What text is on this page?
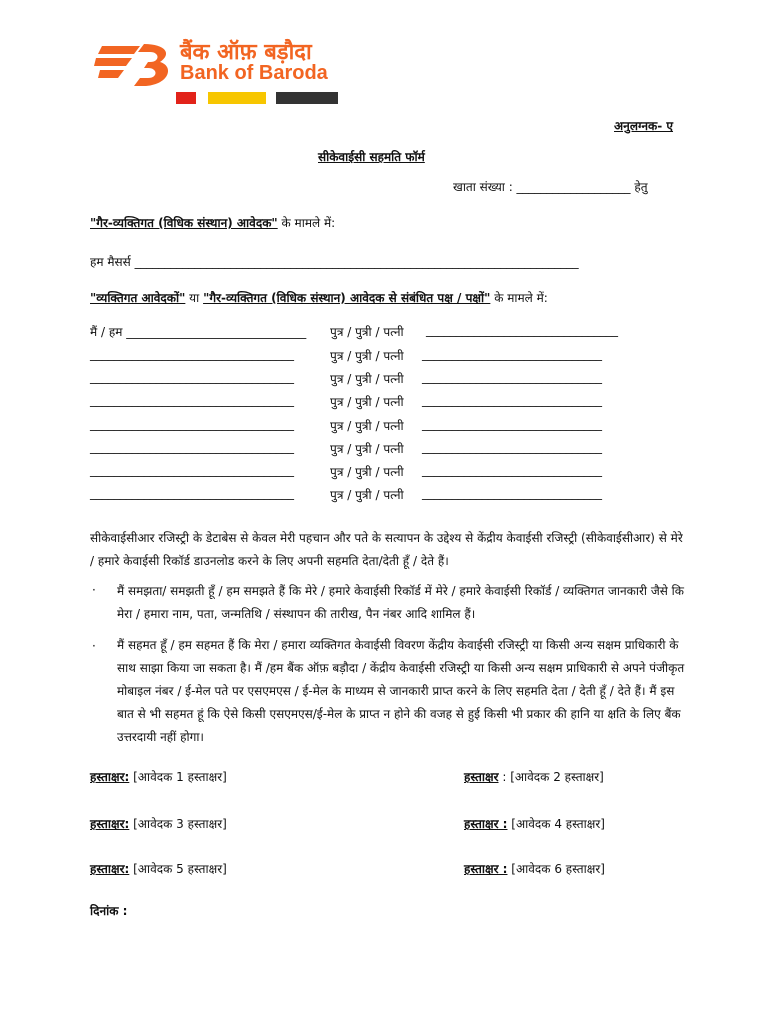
बैंक ऑफ़ बड़ौदा
Bank of Baroda
अनुलग्नक- ए
सीकेवाईसी सहमति फॉर्म
खाता संख्या : ___________________ हेतु
"गैर-व्यक्तिगत (विधिक संस्थान) आवेदक" के मामले में:
हम मैसर्स __________________________________________________________________________
"व्यक्तिगत आवेदकों" या "गैर-व्यक्तिगत (विधिक संस्थान) आवेदक से संबंधित पक्ष / पक्षों" के मामले में:
मैं / हम ______________________________ पुत्र / पुत्री / पत्नी ________________________________
__________________________________	पुत्र / पुत्री / पत्नी ______________________________
__________________________________	पुत्र / पुत्री / पत्नी ______________________________
__________________________________	पुत्र / पुत्री / पत्नी ______________________________
__________________________________	पुत्र / पुत्री / पत्नी ______________________________
__________________________________	पुत्र / पुत्री / पत्नी ______________________________
__________________________________	पुत्र / पुत्री / पत्नी ______________________________
__________________________________	पुत्र / पुत्री / पत्नी ______________________________
सीकेवाईसीआर रजिस्ट्री के डेटाबेस से केवल मेरी पहचान और पते के सत्यापन के उद्देश्य से केंद्रीय केवाईसी रजिस्ट्री (सीकेवाईसीआर) से मेरे / हमारे केवाईसी रिकॉर्ड डाउनलोड करने के लिए अपनी सहमति देता/देती हूँ / देते हैं।
· मैं समझता/ समझती हूँ / हम समझते हैं कि मेरे / हमारे केवाईसी रिकॉर्ड में मेरे / हमारे केवाईसी रिकॉर्ड / व्यक्तिगत जानकारी जैसे कि मेरा / हमारा नाम, पता, जन्मतिथि / संस्थापन की तारीख, पैन नंबर आदि शामिल हैं।
· मैं सहमत हूँ / हम सहमत हैं कि मेरा / हमारा व्यक्तिगत केवाईसी विवरण केंद्रीय केवाईसी रजिस्ट्री या किसी अन्य सक्षम प्राधिकारी के साथ साझा किया जा सकता है। मैं /हम बैंक ऑफ़ बड़ौदा / केंद्रीय केवाईसी रजिस्ट्री या किसी अन्य सक्षम प्राधिकारी से अपने पंजीकृत मोबाइल नंबर / ई-मेल पते पर एसएमएस / ई-मेल के माध्यम से जानकारी प्राप्त करने के लिए सहमति देता / देती हूँ / देते हैं। मैं इस बात से भी सहमत हूं कि ऐसे किसी एसएमएस/ई-मेल के प्राप्त न होने की वजह से हुई किसी भी प्रकार की हानि या क्षति के लिए बैंक उत्तरदायी नहीं होगा।
हस्ताक्षर: [आवेदक 1 हस्ताक्षर]	हस्ताक्षर : [आवेदक 2 हस्ताक्षर]
हस्ताक्षर: [आवेदक 3 हस्ताक्षर]	हस्ताक्षर : [आवेदक 4 हस्ताक्षर]
हस्ताक्षर: [आवेदक 5 हस्ताक्षर]	हस्ताक्षर : [आवेदक 6 हस्ताक्षर]
दिनांक :
